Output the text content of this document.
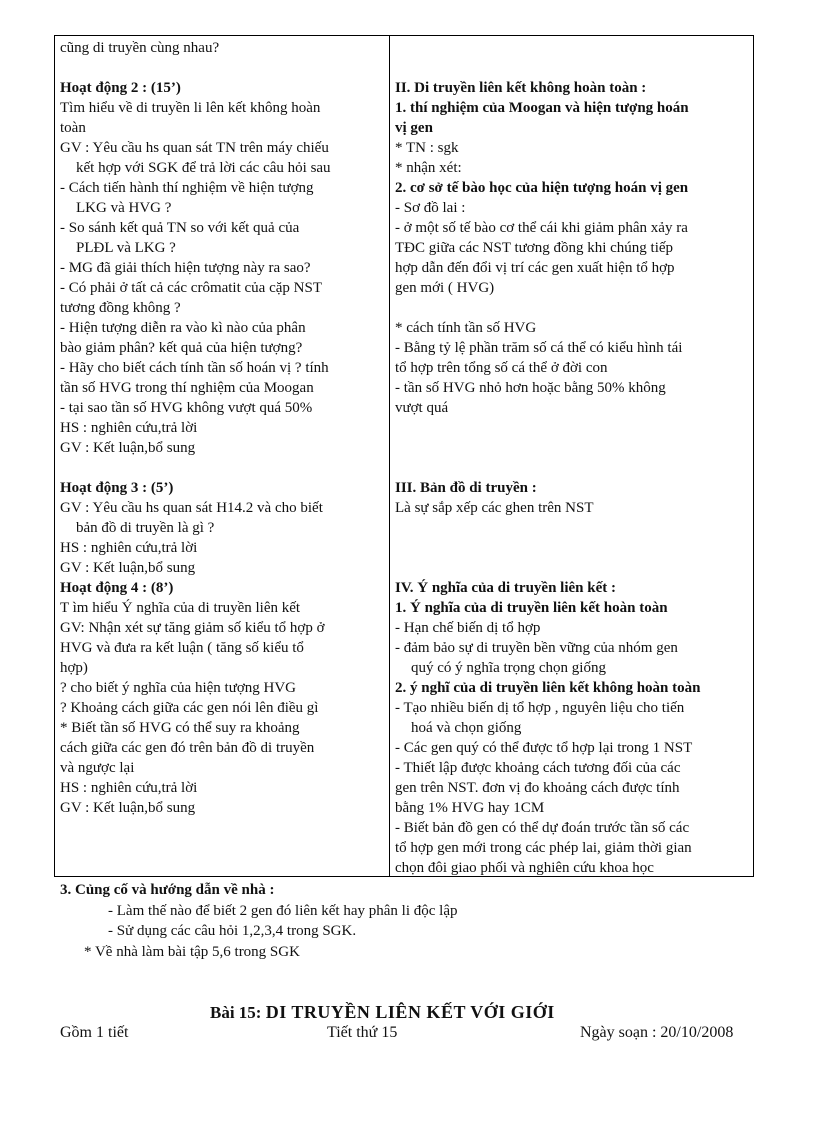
cũng di truyền cùng nhau?
Hoạt động 2 : (15’)
Tìm hiểu về di truyền li lên kết không hoàn
toàn
GV : Yêu cầu hs quan sát TN trên máy chiếu
kết hợp với SGK để trả lời các câu hỏi sau
- Cách tiến hành thí nghiệm về hiện tượng
LKG và HVG ?
- So sánh kết quả TN so với kết quả của
PLĐL và LKG ?
- MG đã giải thích hiện tượng này ra sao?
- Có phải ở tất cả các crômatit của cặp NST
tương đồng không ?
- Hiện tượng diễn ra vào kì nào của phân
bào giảm phân? kết quả của hiện tượng?
- Hãy cho biết cách tính tần số hoán vị ? tính
tần số HVG trong thí nghiệm của Moogan
- tại sao tần số HVG không vượt quá 50%
HS : nghiên cứu,trả lời
GV : Kết luận,bổ sung
Hoạt động 3 : (5’)
GV : Yêu cầu hs quan sát H14.2 và cho biết
bản đồ di truyền là gì ?
HS : nghiên cứu,trả lời
GV : Kết luận,bổ sung
Hoạt động 4 : (8’)
T ìm hiểu Ý nghĩa của di truyền liên kết
GV: Nhận xét sự tăng giảm số kiểu tổ hợp ở
HVG và đưa ra kết luận ( tăng số kiểu tổ
hợp)
? cho biết ý nghĩa của hiện tượng HVG
? Khoảng cách giữa các gen nói lên điều gì
* Biết tần số HVG có thể suy ra khoảng
cách giữa các gen đó trên bản đồ di truyền
và ngược lại
HS : nghiên cứu,trả lời
GV : Kết luận,bổ sung
II. Di truyền liên kết không hoàn toàn :
1. thí nghiệm của Moogan và hiện tượng hoán
vị gen
* TN : sgk
* nhận xét:
2. cơ sở tế bào học của hiện tượng hoán vị gen
- Sơ đồ lai :
- ở một số tế bào cơ thể cái khi giảm phân xảy ra
TĐC giữa các NST tương đồng khi chúng tiếp
hợp dẫn đến đổi vị trí các gen xuất hiện tổ hợp
gen mới ( HVG)
* cách tính tần số HVG
- Bằng tỷ lệ phần trăm số cá thể có kiểu hình tái
tổ hợp trên tổng số cá thể ở đời con
- tần số HVG nhỏ hơn hoặc bằng 50% không
vượt quá
III. Bản đồ di truyền :
Là sự sắp xếp các ghen trên NST
IV. Ý nghĩa của di truyền liên kết :
1. Ý nghĩa của di truyền liên kết hoàn toàn
- Hạn chế biến dị tổ hợp
- đảm bảo sự di truyền bền vững của nhóm gen
quý có ý nghĩa trọng chọn giống
2. ý nghĩ của di truyền liên kết không hoàn toàn
- Tạo nhiều biến dị tổ hợp , nguyên liệu cho tiến
hoá và chọn giống
- Các gen quý có thể được tổ hợp lại trong 1 NST
- Thiết lập được khoảng cách tương đối của các
gen trên NST. đơn vị đo khoảng cách được tính
bằng 1% HVG hay 1CM
- Biết bản đồ gen có thể dự đoán trước tần số các
tổ hợp gen mới trong các phép lai, giảm thời gian
chọn đôi giao phối và nghiên cứu khoa học
3. Củng cố và hướng dẫn về nhà :
- Làm thế nào để biết 2 gen đó liên kết hay phân li độc lập
- Sử dụng các câu hỏi 1,2,3,4 trong SGK.
* Về nhà làm bài tập 5,6 trong SGK
Bài 15: DI TRUYỀN LIÊN KẾT VỚI GIỚI
Gồm 1 tiết	Tiết thứ 15	Ngày soạn : 20/10/2008
